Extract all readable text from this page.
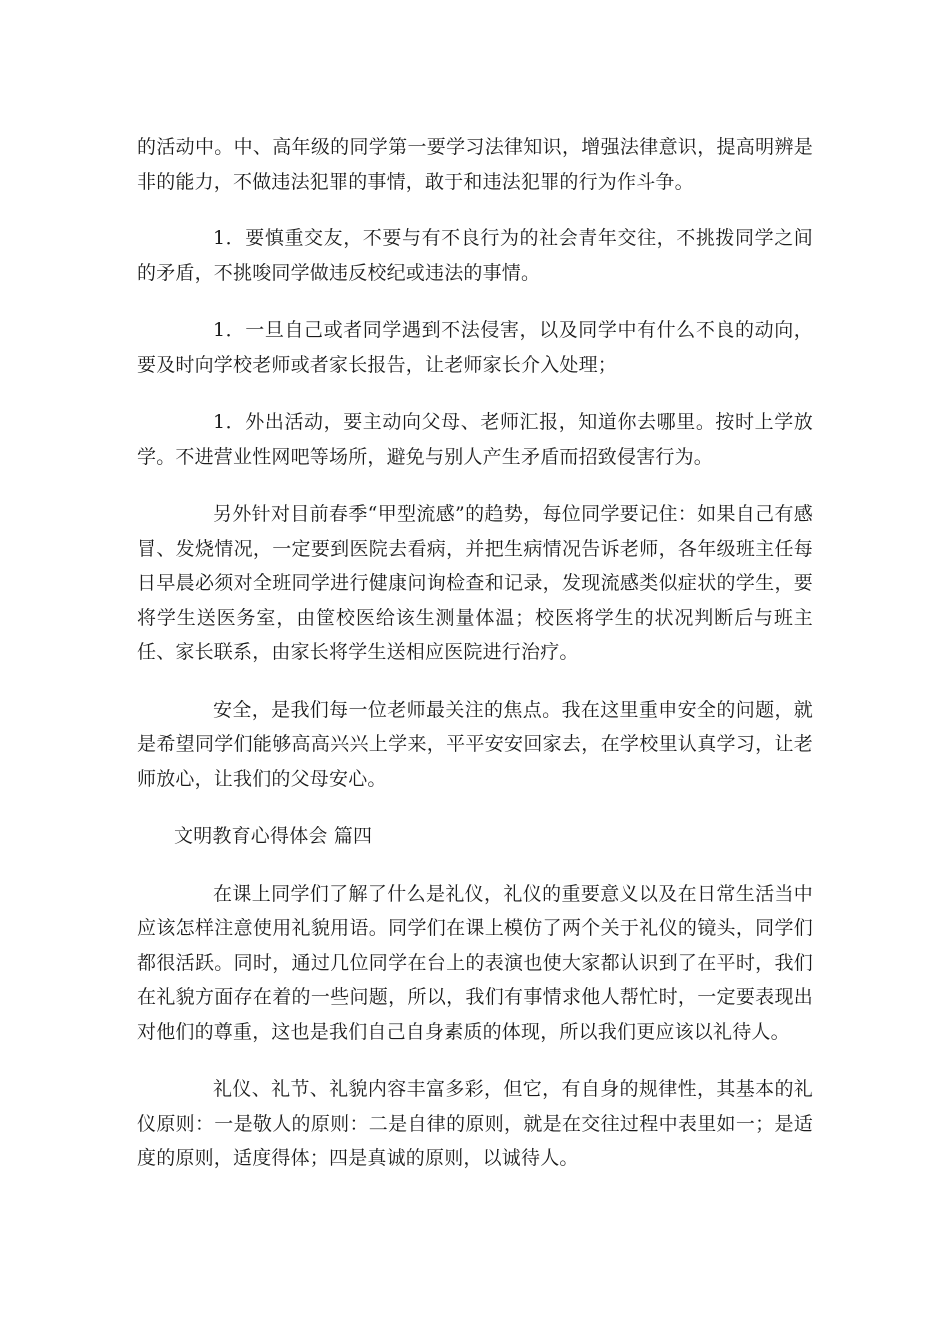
的活动中。中、高年级的同学第一要学习法律知识，增强法律意识，提高明辨是非的能力，不做违法犯罪的事情，敢于和违法犯罪的行为作斗争。

1．要慎重交友，不要与有不良行为的社会青年交往，不挑拨同学之间的矛盾，不挑唆同学做违反校纪或违法的事情。

1．一旦自己或者同学遇到不法侵害，以及同学中有什么不良的动向，要及时向学校老师或者家长报告，让老师家长介入处理；

1．外出活动，要主动向父母、老师汇报，知道你去哪里。按时上学放学。不进营业性网吧等场所，避免与别人产生矛盾而招致侵害行为。

另外针对目前春季“甲型流感”的趋势，每位同学要记住：如果自己有感冒、发烧情况，一定要到医院去看病，并把生病情况告诉老师，各年级班主任每日早晨必须对全班同学进行健康问询检查和记录，发现流感类似症状的学生，要将学生送医务室，由筐校医给该生测量体温；校医将学生的状况判断后与班主任、家长联系，由家长将学生送相应医院进行治疗。

安全，是我们每一位老师最关注的焦点。我在这里重申安全的问题，就是希望同学们能够高高兴兴上学来，平平安安回家去，在学校里认真学习，让老师放心，让我们的父母安心。

文明教育心得体会 篇四

在课上同学们了解了什么是礼仪，礼仪的重要意义以及在日常生活当中应该怎样注意使用礼貌用语。同学们在课上模仿了两个关于礼仪的镜头，同学们都很活跃。同时，通过几位同学在台上的表演也使大家都认识到了在平时，我们在礼貌方面存在着的一些问题，所以，我们有事情求他人帮忙时，一定要表现出对他们的尊重，这也是我们自己自身素质的体现，所以我们更应该以礼待人。

礼仪、礼节、礼貌内容丰富多彩，但它，有自身的规律性，其基本的礼仪原则：一是敬人的原则：二是自律的原则，就是在交往过程中表里如一；是适度的原则，适度得体；四是真诚的原则，以诚待人。
